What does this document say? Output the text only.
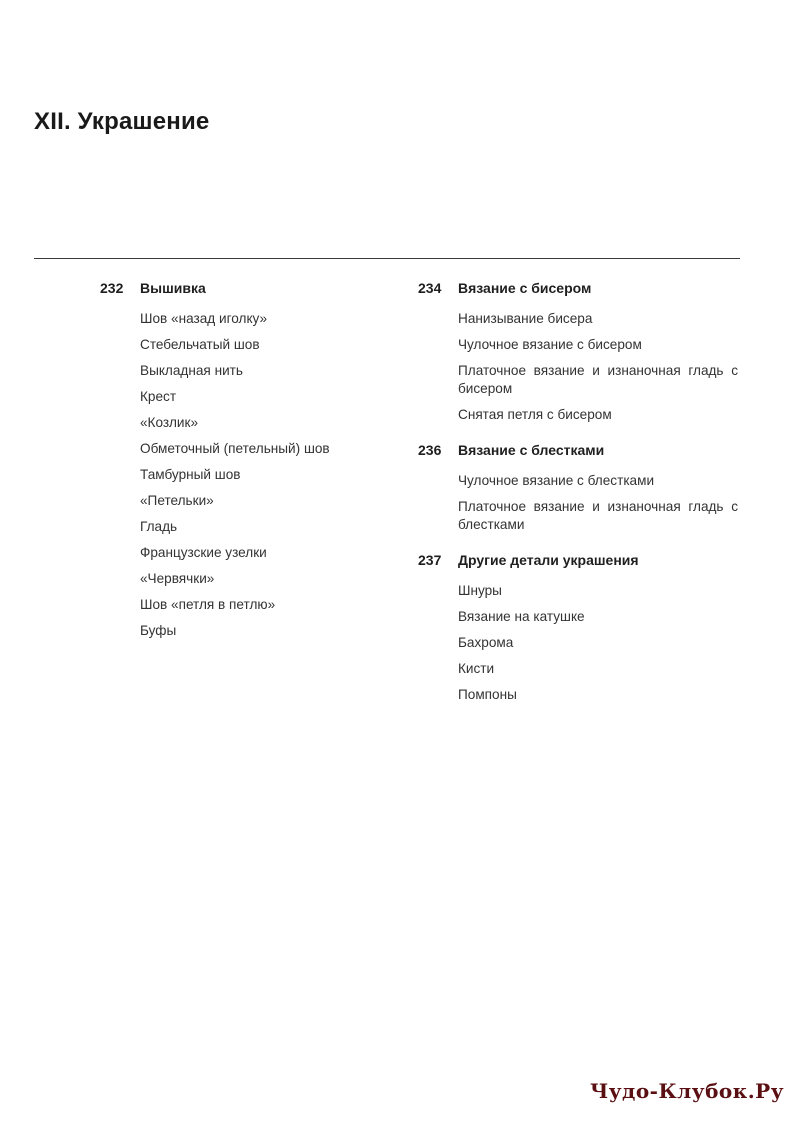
XII. Украшение
232	Вышивка
Шов «назад иголку»
Стебельчатый шов
Выкладная нить
Крест
«Козлик»
Обметочный (петельный) шов
Тамбурный шов
«Петельки»
Гладь
Французские узелки
«Червячки»
Шов «петля в петлю»
Буфы
234	Вязание с бисером
Нанизывание бисера
Чулочное вязание с бисером
Платочное вязание и изнаночная гладь с бисером
Снятая петля с бисером
236	Вязание с блестками
Чулочное вязание с блестками
Платочное вязание и изнаночная гладь с блестками
237	Другие детали украшения
Шнуры
Вязание на катушке
Бахрома
Кисти
Помпоны
Чудо-Клубок.Ру
